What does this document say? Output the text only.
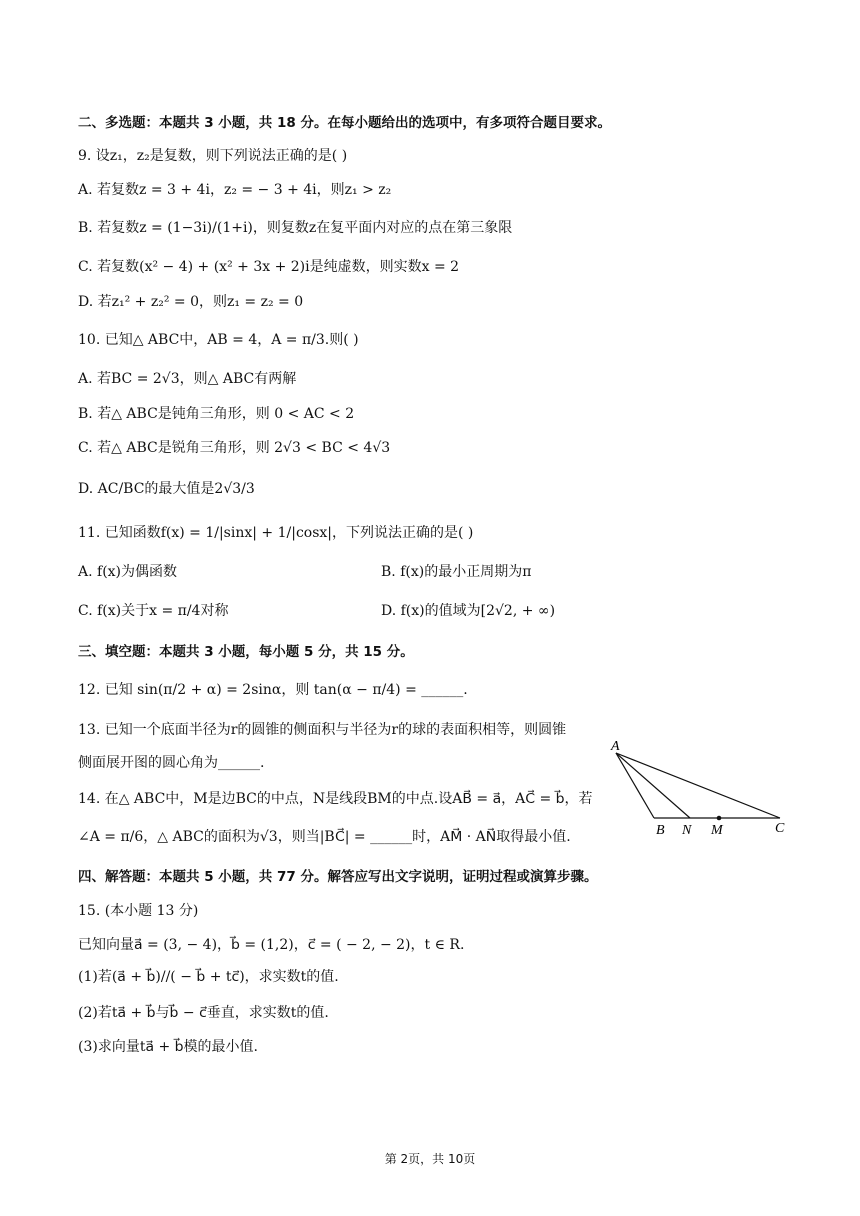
二、多选题：本题共 3 小题，共 18 分。在每小题给出的选项中，有多项符合题目要求。
9. 设z₁，z₂是复数，则下列说法正确的是( )
A. 若复数z = 3 + 4i，z₂ = − 3 + 4i，则z₁ > z₂
B. 若复数z = (1−3i)/(1+i)，则复数z在复平面内对应的点在第三象限
C. 若复数(x² − 4) + (x² + 3x + 2)i是纯虚数，则实数x = 2
D. 若z₁² + z₂² = 0，则z₁ = z₂ = 0
10. 已知△ ABC中，AB = 4，A = π/3.则( )
A. 若BC = 2√3，则△ ABC有两解
B. 若△ ABC是钝角三角形，则 0 < AC < 2
C. 若△ ABC是锐角三角形，则 2√3 < BC < 4√3
D. AC/BC的最大值是2√3/3
11. 已知函数f(x) = 1/|sinx| + 1/|cosx|，下列说法正确的是( )
A. f(x)为偶函数	B. f(x)的最小正周期为π
C. f(x)关于x = π/4对称	D. f(x)的值域为[2√2, + ∞)
三、填空题：本题共 3 小题，每小题 5 分，共 15 分。
12. 已知 sin(π/2 + α) = 2sinα，则 tan(α − π/4) = ______.
13. 已知一个底面半径为r的圆锥的侧面积与半径为r的球的表面积相等，则圆锥
侧面展开图的圆心角为______.
14. 在△ ABC中，M是边BC的中点，N是线段BM的中点.设AB⃗ = a⃗，AC⃗ = b⃗，若
∠A = π/6，△ ABC的面积为√3，则当|BC⃗| = ______时，AM⃗ · AN⃗取得最小值.
A
B N M	C
四、解答题：本题共 5 小题，共 77 分。解答应写出文字说明，证明过程或演算步骤。
15. (本小题 13 分)
已知向量a⃗ = (3, − 4)，b⃗ = (1,2)，c⃗ = ( − 2, − 2)，t ∈ R.
(1)若(a⃗ + b⃗)//( − b⃗ + tc⃗)，求实数t的值.
(2)若ta⃗ + b⃗与b⃗ − c⃗垂直，求实数t的值.
(3)求向量ta⃗ + b⃗模的最小值.
第 2页，共 10页
